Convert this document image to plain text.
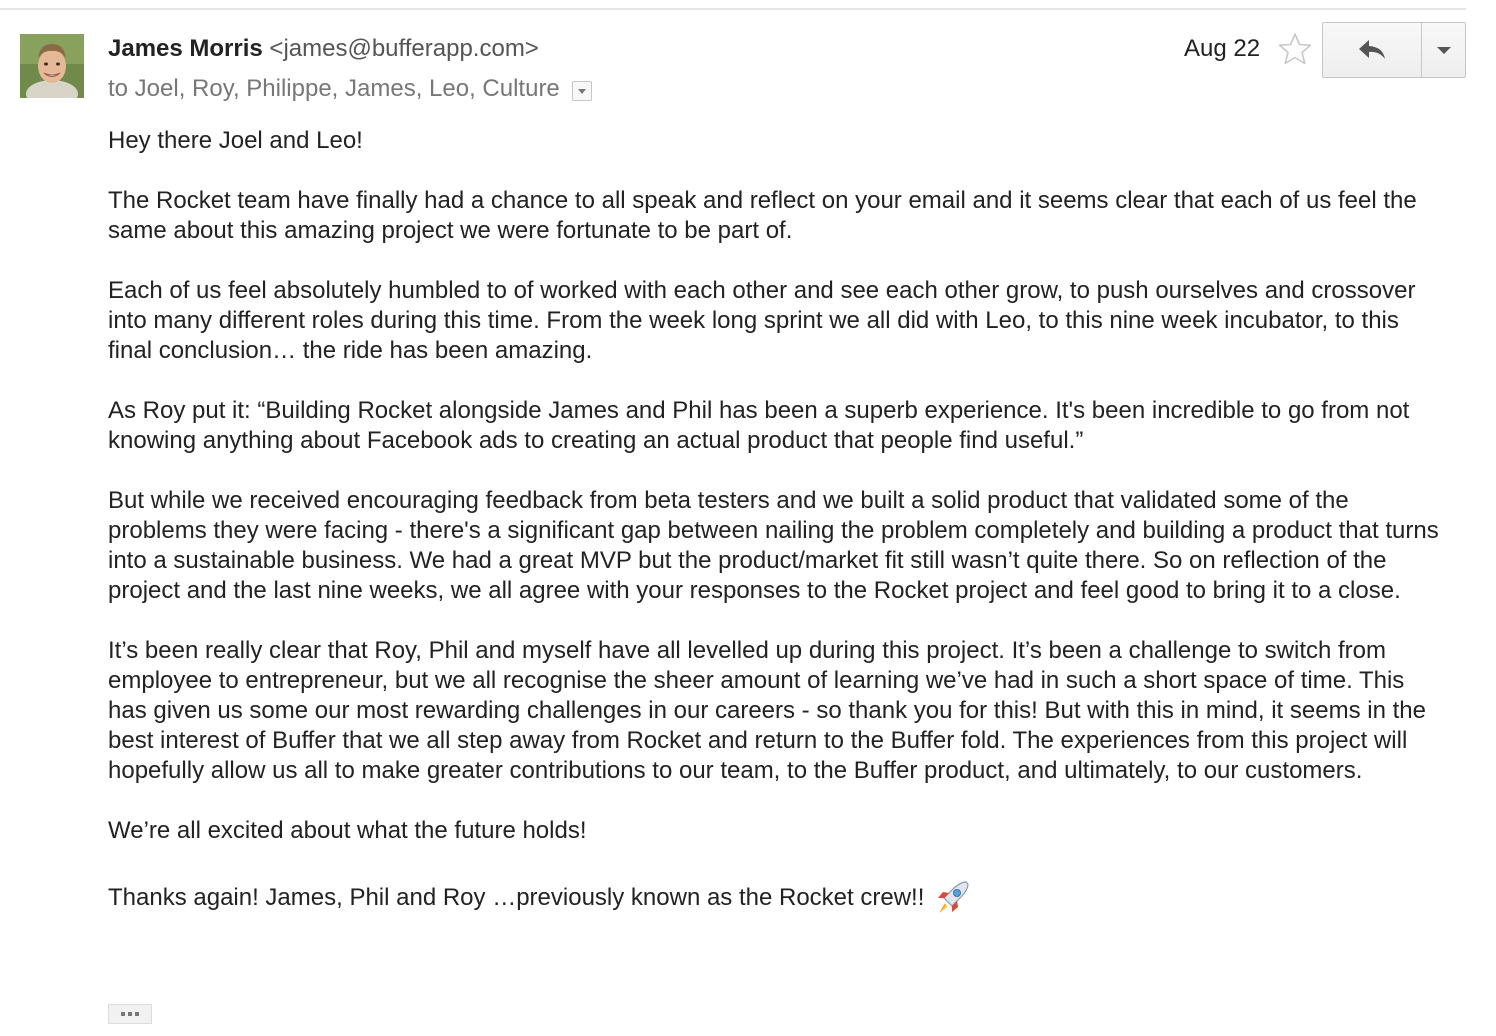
James Morris <james@bufferapp.com>
to Joel, Roy, Philippe, James, Leo, Culture
Aug 22

Hey there Joel and Leo!

The Rocket team have finally had a chance to all speak and reflect on your email and it seems clear that each of us feel the same about this amazing project we were fortunate to be part of.

Each of us feel absolutely humbled to of worked with each other and see each other grow, to push ourselves and crossover into many different roles during this time. From the week long sprint we all did with Leo, to this nine week incubator, to this final conclusion… the ride has been amazing.

As Roy put it: “Building Rocket alongside James and Phil has been a superb experience. It's been incredible to go from not knowing anything about Facebook ads to creating an actual product that people find useful.”

But while we received encouraging feedback from beta testers and we built a solid product that validated some of the problems they were facing - there's a significant gap between nailing the problem completely and building a product that turns into a sustainable business. We had a great MVP but the product/market fit still wasn’t quite there. So on reflection of the project and the last nine weeks, we all agree with your responses to the Rocket project and feel good to bring it to a close.

It’s been really clear that Roy, Phil and myself have all levelled up during this project. It’s been a challenge to switch from employee to entrepreneur, but we all recognise the sheer amount of learning we’ve had in such a short space of time. This has given us some our most rewarding challenges in our careers - so thank you for this! But with this in mind, it seems in the best interest of Buffer that we all step away from Rocket and return to the Buffer fold. The experiences from this project will hopefully allow us all to make greater contributions to our team, to the Buffer product, and ultimately, to our customers.

We’re all excited about what the future holds!

Thanks again! James, Phil and Roy …previously known as the Rocket crew!!
